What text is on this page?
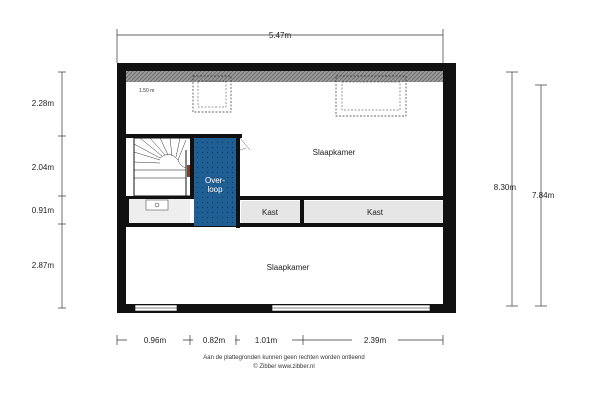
5.47m
2.28m
2.04m
0.91m
2.87m
8.30m
7.84m
0.96m	0.82m	1.01m	2.39m
1.50 m
Over-
loop
Kast	Kast
Slaapkamer
Slaapkamer
Aan de plattegronden kunnen geen rechten worden ontleend
© Zibber www.zibber.nl
